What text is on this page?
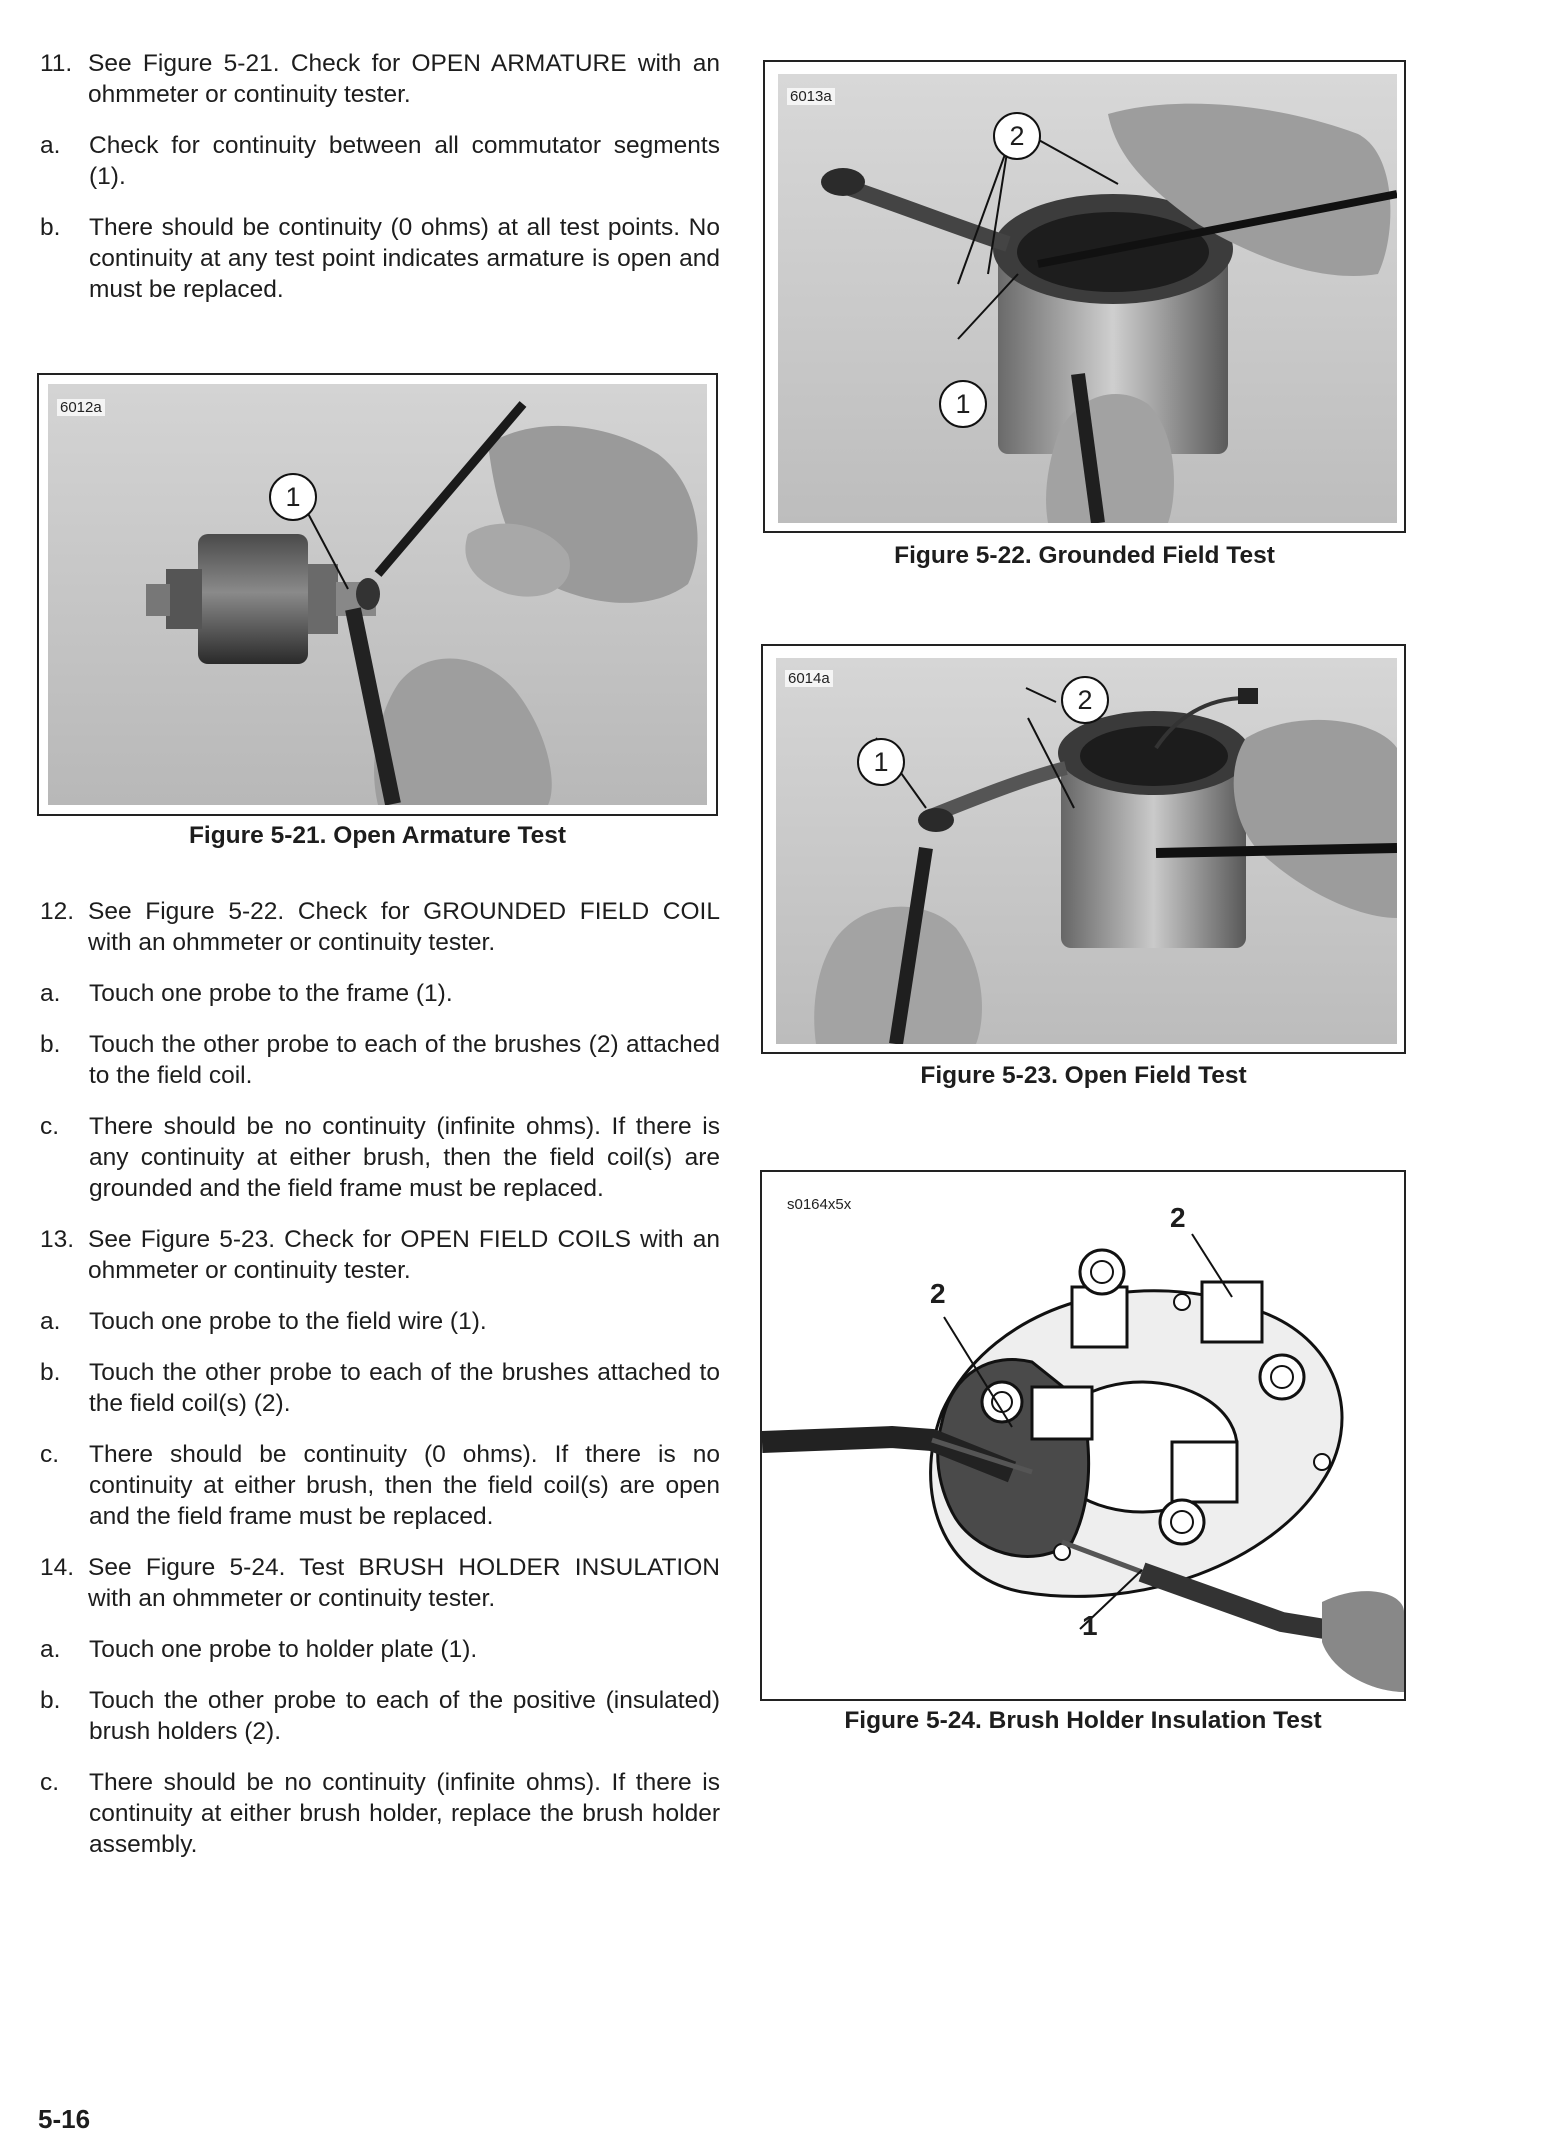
11. See Figure 5-21. Check for OPEN ARMATURE with an ohmmeter or continuity tester.
a. Check for continuity between all commutator segments (1).
b. There should be continuity (0 ohms) at all test points. No continuity at any test point indicates armature is open and must be replaced.
12. See Figure 5-22. Check for GROUNDED FIELD COIL with an ohmmeter or continuity tester.
a. Touch one probe to the frame (1).
b. Touch the other probe to each of the brushes (2) attached to the field coil.
c. There should be no continuity (infinite ohms). If there is any continuity at either brush, then the field coil(s) are grounded and the field frame must be replaced.
13. See Figure 5-23. Check for OPEN FIELD COILS with an ohmmeter or continuity tester.
a. Touch one probe to the field wire (1).
b. Touch the other probe to each of the brushes attached to the field coil(s) (2).
c. There should be continuity (0 ohms). If there is no continuity at either brush, then the field coil(s) are open and the field frame must be replaced.
14. See Figure 5-24. Test BRUSH HOLDER INSULATION with an ohmmeter or continuity tester.
a. Touch one probe to holder plate (1).
b. Touch the other probe to each of the positive (insulated) brush holders (2).
c. There should be no continuity (infinite ohms). If there is continuity at either brush holder, replace the brush holder assembly.
6012a
1
Figure 5-21. Open Armature Test
6013a
2
1
Figure 5-22. Grounded Field Test
6014a
2
1
Figure 5-23. Open Field Test
s0164x5x	2
2
1
Figure 5-24. Brush Holder Insulation Test
5-16
